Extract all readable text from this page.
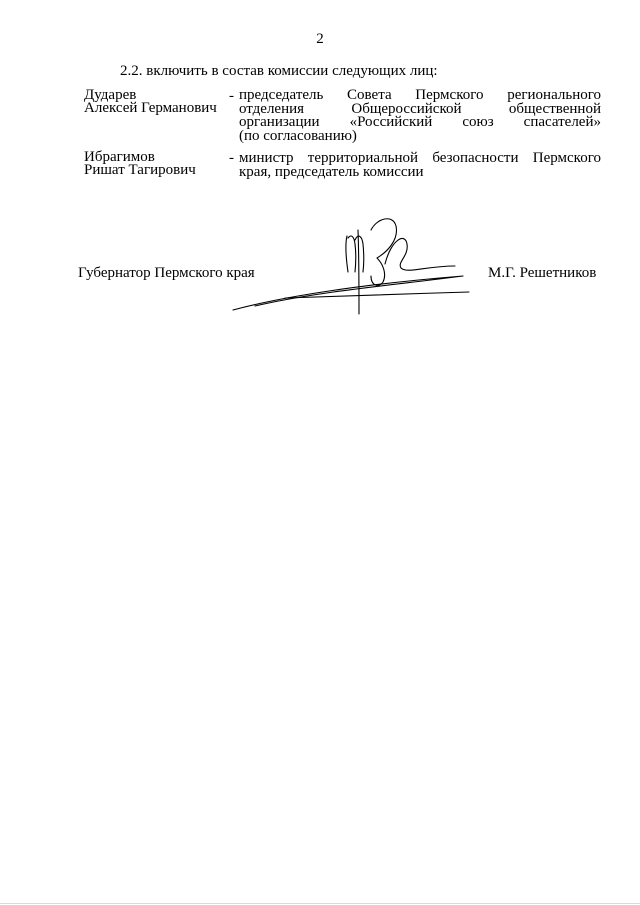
2
2.2. включить в состав комиссии следующих лиц:
Дударев
Алексей Германович
- председатель Совета Пермского регионального
отделения Общероссийской общественной
организации «Российский союз спасателей»
(по согласованию)
Ибрагимов
Ришат Тагирович
- министр территориальной безопасности Пермского
края, председатель комиссии
Губернатор Пермского края	М.Г. Решетников
